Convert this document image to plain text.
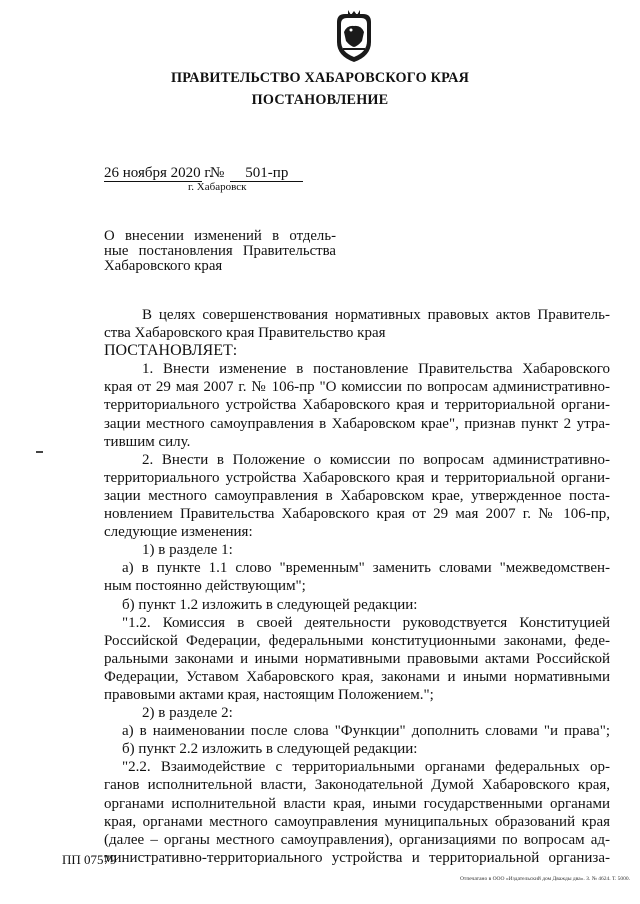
ПРАВИТЕЛЬСТВО ХАБАРОВСКОГО КРАЯ
ПОСТАНОВЛЕНИЕ
26 ноября 2020 г.№ 501-пр
г. Хабаровск
О внесении изменений в отдель-
ные постановления Правительства
Хабаровского края
В целях совершенствования нормативных правовых актов Правитель-
ства Хабаровского края Правительство края
ПОСТАНОВЛЯЕТ:
1. Внести изменение в постановление Правительства Хабаровского
края от 29 мая 2007 г. № 106-пр "О комиссии по вопросам административно-
территориального устройства Хабаровского края и территориальной органи-
зации местного самоуправления в Хабаровском крае", признав пункт 2 утра-
тившим силу.
2. Внести в Положение о комиссии по вопросам административно-
территориального устройства Хабаровского края и территориальной органи-
зации местного самоуправления в Хабаровском крае, утвержденное поста-
новлением Правительства Хабаровского края от 29 мая 2007 г. № 106-пр,
следующие изменения:
1) в разделе 1:
а) в пункте 1.1 слово "временным" заменить словами "межведомствен-
ным постоянно действующим";
б) пункт 1.2 изложить в следующей редакции:
"1.2. Комиссия в своей деятельности руководствуется Конституцией
Российской Федерации, федеральными конституционными законами, феде-
ральными законами и иными нормативными правовыми актами Российской
Федерации, Уставом Хабаровского края, законами и иными нормативными
правовыми актами края, настоящим Положением.";
2) в разделе 2:
а) в наименовании после слова "Функции" дополнить словами "и права";
б) пункт 2.2 изложить в следующей редакции:
"2.2. Взаимодействие с территориальными органами федеральных ор-
ганов исполнительной власти, Законодательной Думой Хабаровского края,
органами исполнительной власти края, иными государственными органами
края, органами местного самоуправления муниципальных образований края
(далее – органы местного самоуправления), организациями по вопросам ад-
министративно-территориального устройства и территориальной организа-
ПП 07579
Отпечатано в ООО «Издательский дом Дважды два». З. № 4624. Т. 5000.
